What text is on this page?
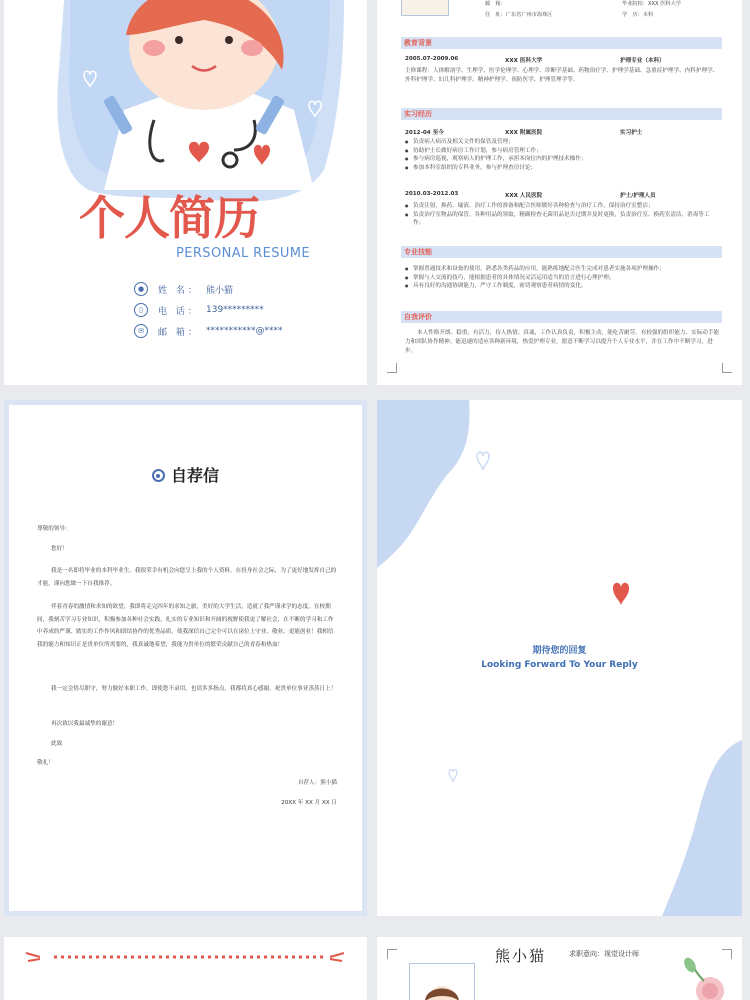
个人简历
PERSONAL RESUME
●	姓 名： 熊小猫
▯	电 话： 139*********
✉	邮 箱： ***********@****
邮　箱：
住　址：广东省广州市海珠区
毕业院校：XXX 医科大学
学　历：本科
教育背景
2005.07-2009.06	XXX 医科大学	护理专业（本科）
主修课程：人体解剖学、生理学、医学伦理学、心理学、诊断学基础、药物治疗学、护理学基础、急重症护理学、内科护理学、外科护理学、妇儿科护理学、精神护理学、预防医学、护理管理学等。
实习经历
2012-04 至今	XXX 附属医院	实习护士
● 负责病人病历及相关文件的保管及管理；
● 协助护士长做好病房工作计划，参与病房管理工作；
● 参与病房巡视，观察病人的护理工作，承担本岗位内的护理技术操作；
● 参加本科室组织的专科业务，参与护理查房讨论；
2010.03-2012.03	XXX 人民医院	护士/护理人员
● 负责注射、换药、输液、治疗工作的准备和配合医师做好各种检查与治疗工作，保持治疗室整洁；
● 负责治疗室物品的保管，各种用品的领取，精确检查无菌用品是否过期并及时更换，负责治疗室、换药室清洁、消毒等工作；
专业技能
● 掌握普通技术和设备的使用，熟悉各类药品的应用，能熟练地配合医生完成对患者实施各项护理操作；
● 掌握与人交流的技巧，能根据患者的具体情况灵活运用适当的语言进行心理护理；
● 具有良好的沟通协调能力，严守工作制度，密切观察患者病情的变化。
自我评价
本人性格开朗、稳重、有活力，待人热情、真诚，工作认真负责，积极主动，能吃苦耐劳，有较强的组织能力、实际动手能力和团队协作精神。能迅速的适应各种新环境，热爱护理专业，愿意不断学习以提升个人专业水平，并在工作中不断学习，进步。
自荐信
尊敬的领导：
您好！
我是一名即将毕业的本科毕业生。我很荣幸有机会向您呈上我的个人资料。在投身社会之际，为了更好地发挥自己的才能，谨向您做一下自我推荐。
伴着青春的激情和求知的欲望，我即将走完四年的求知之旅，美好的大学生活，造就了我严谨求学的态度。在校期间，我刻苦学习专业知识，积极参加各种社会实践，扎实的专业知识和开阔的视野使我更了解社会，在不断的学习和工作中养成的严谨、踏实的工作作风和团结协作的优秀品质，使我深信自己完全可以在岗位上守业、敬业、更能创业！我相信我的能力和知识正是贵单位所需要的，我真诚地希望，我能为贵单位的繁荣贡献自己的青春和热血！
我一定会恪尽职守，努力做好本职工作，即使您不录用，也请多多指点，我都将真心感谢，祝贵单位事业蒸蒸日上！
再次致以我最诚挚的谢意！
此致
敬礼！
自荐人：熊小猫
20XX 年 XX 月 XX 日
期待您的回复
Looking Forward To Your Reply
熊小猫	求职意向：视觉设计师
